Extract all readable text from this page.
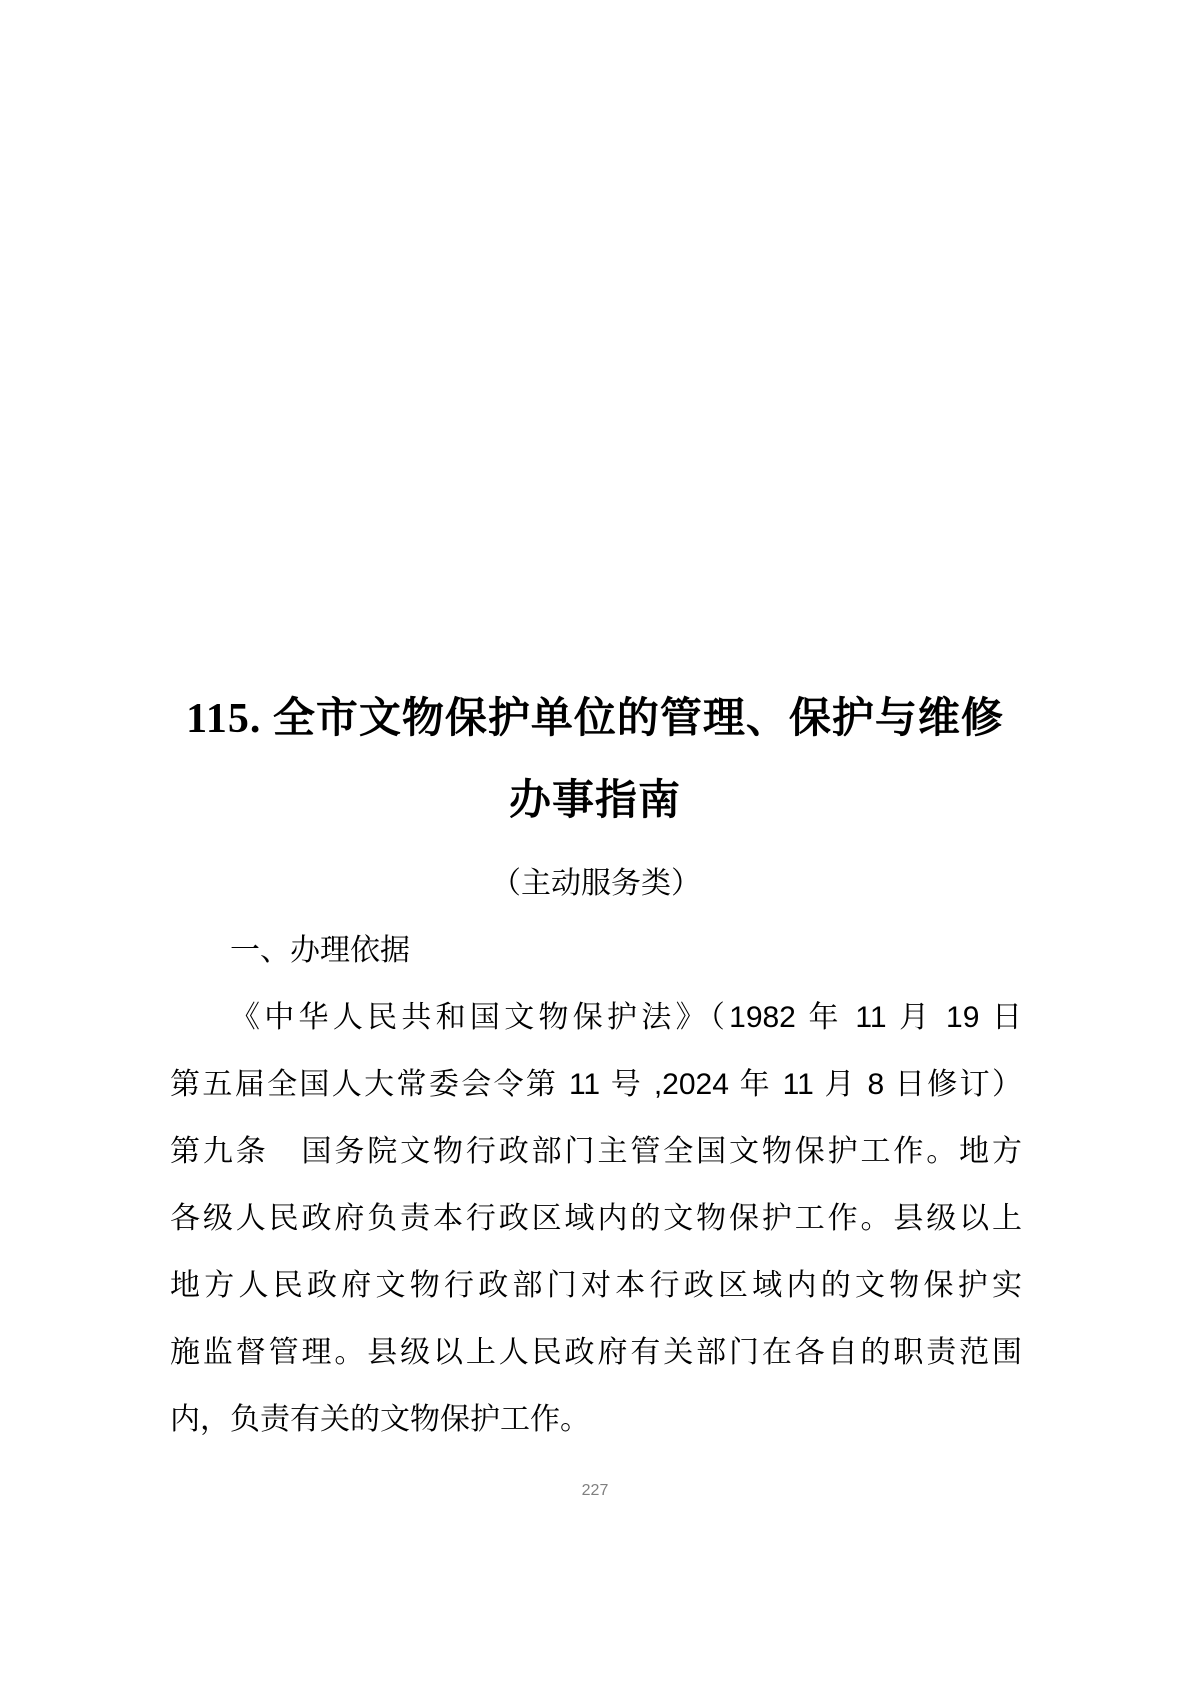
115. 全市文物保护单位的管理、保护与维修
办事指南
（主动服务类）
一、办理依据
《中华人民共和国文物保护法》（1982 年 11 月 19 日
第五届全国人大常委会令第 11 号 ,2024 年 11 月 8 日修订）
第九条　国务院文物行政部门主管全国文物保护工作。地方
各级人民政府负责本行政区域内的文物保护工作。县级以上
地方人民政府文物行政部门对本行政区域内的文物保护实
施监督管理。县级以上人民政府有关部门在各自的职责范围
内，负责有关的文物保护工作。
227
